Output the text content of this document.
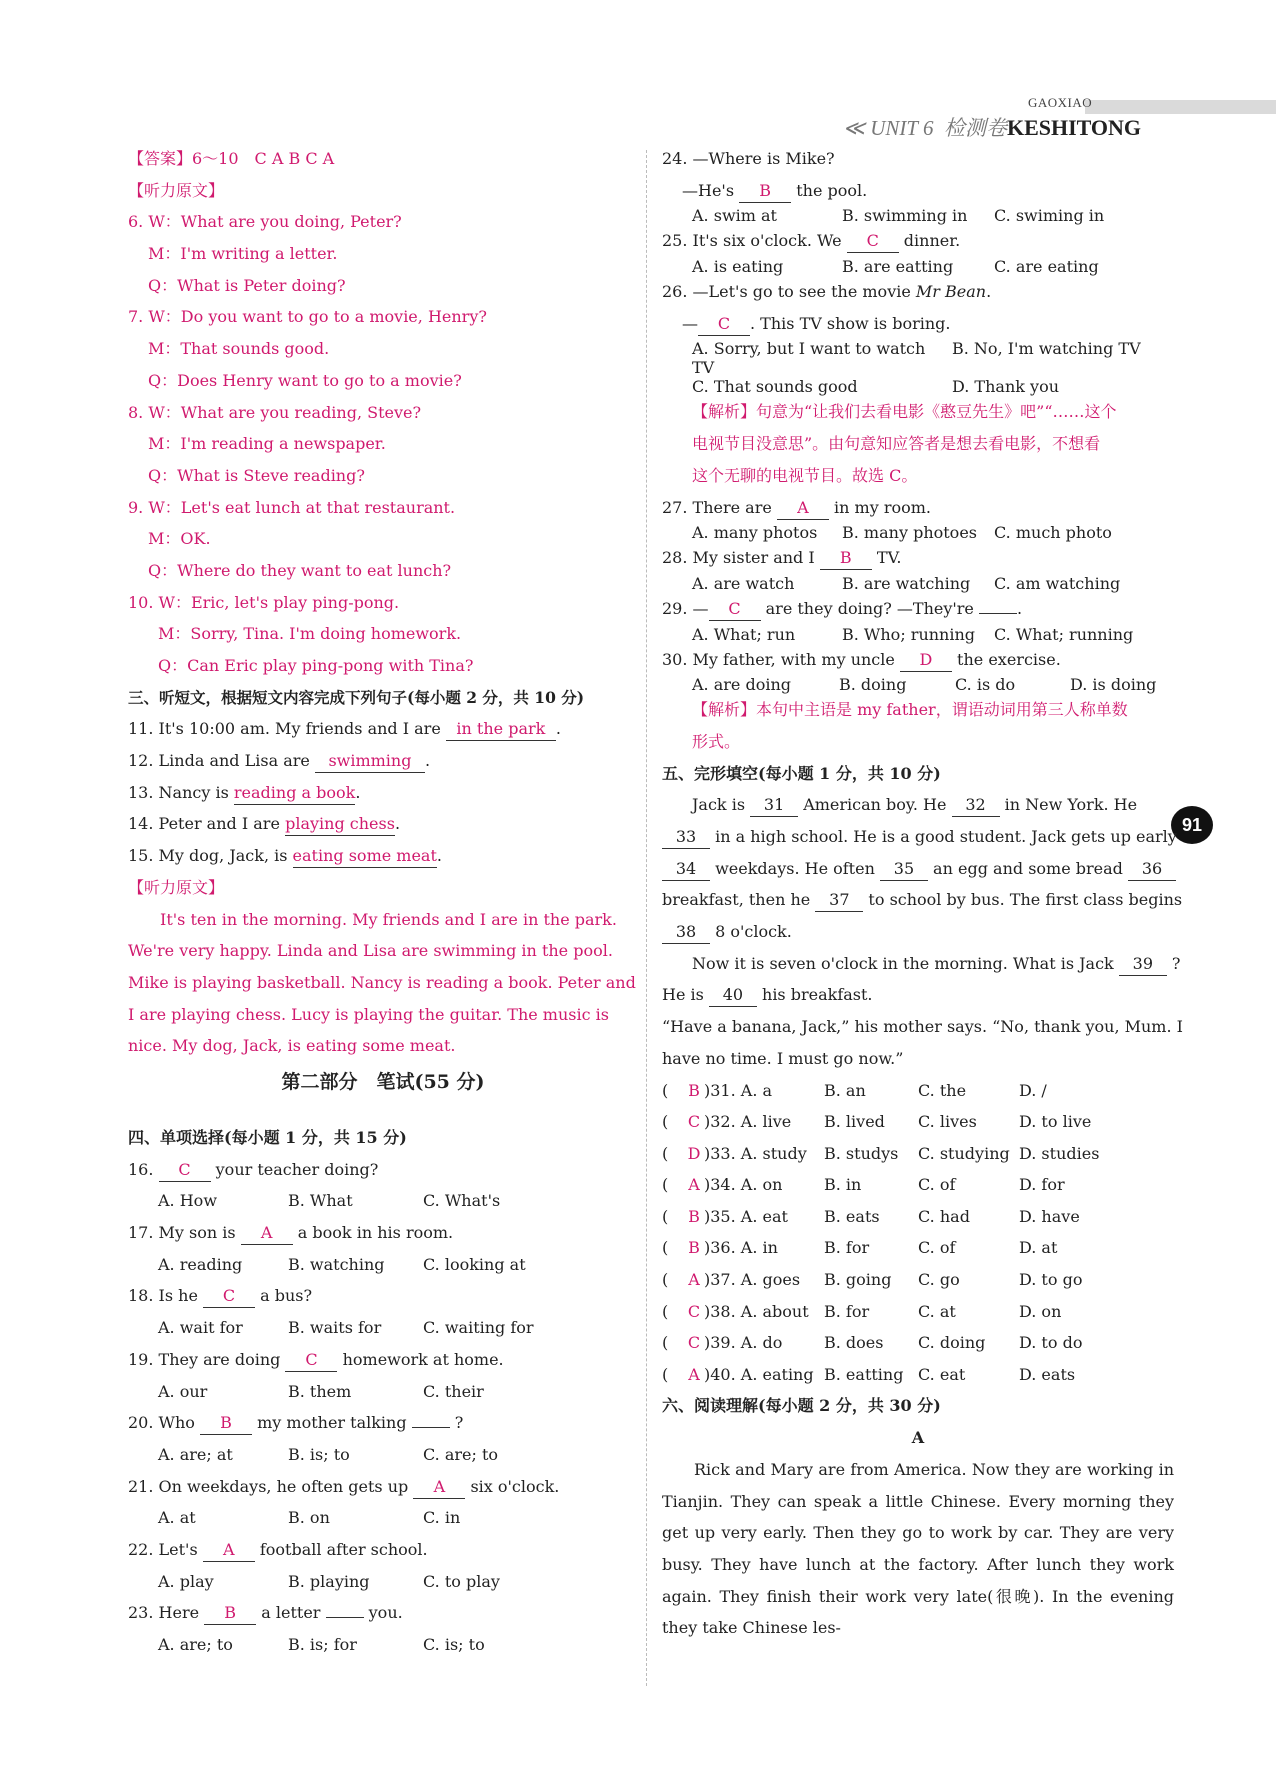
GAOXIAO
≪ UNIT 6 检测卷KESHITONG
91
【答案】6～10　C A B C A
【听力原文】
6. W：What are you doing, Peter?
M：I'm writing a letter.
Q：What is Peter doing?
7. W：Do you want to go to a movie, Henry?
M：That sounds good.
Q：Does Henry want to go to a movie?
8. W：What are you reading, Steve?
M：I'm reading a newspaper.
Q：What is Steve reading?
9. W：Let's eat lunch at that restaurant.
M：OK.
Q：Where do they want to eat lunch?
10. W：Eric, let's play ping-pong.
M：Sorry, Tina. I'm doing homework.
Q：Can Eric play ping-pong with Tina?
三、听短文，根据短文内容完成下列句子(每小题 2 分，共 10 分)
11. It's 10:00 am. My friends and I are in the park .
12. Linda and Lisa are swimming .
13. Nancy is reading a book.
14. Peter and I are playing chess.
15. My dog, Jack, is eating some meat.
【听力原文】
It's ten in the morning. My friends and I are in the park. We're very happy. Linda and Lisa are swimming in the pool. Mike is playing basketball. Nancy is reading a book. Peter and I are playing chess. Lucy is playing the guitar. The music is nice. My dog, Jack, is eating some meat.
第二部分　笔试(55 分)
四、单项选择(每小题 1 分，共 15 分)
16. C your teacher doing?
A. How	B. What	C. What's
17. My son is A a book in his room.
A. reading	B. watching	C. looking at
18. Is he C a bus?
A. wait for	B. waits for	C. waiting for
19. They are doing C homework at home.
A. our	B. them	C. their
20. Who B my mother talking	?
A. are; at	B. is; to	C. are; to
21. On weekdays, he often gets up A six o'clock.
A. at	B. on	C. in
22. Let's A football after school.
A. play	B. playing	C. to play
23. Here B a letter	you.
A. are; to	B. is; for	C. is; to
24. —Where is Mike?
—He's B the pool.
A. swim at	B. swimming in	C. swiming in
25. It's six o'clock. We C dinner.
A. is eating	B. are eatting	C. are eating
26. —Let's go to see the movie Mr Bean.
— C . This TV show is boring.
A. Sorry, but I want to watch TV
B. No, I'm watching TV
C. That sounds good	D. Thank you
【解析】句意为“让我们去看电影《憨豆先生》吧”“……这个
电视节目没意思”。由句意知应答者是想去看电影，不想看
这个无聊的电视节目。故选 C。
27. There are A in my room.
A. many photos	B. many photoes	C. much photo
28. My sister and I B TV.
A. are watch	B. are watching	C. am watching
29. — C are they doing? —They're	.
A. What; run	B. Who; running	C. What; running
30. My father, with my uncle D the exercise.
A. are doing	B. doing	C. is do	D. is doing
【解析】本句中主语是 my father，谓语动词用第三人称单数
形式。
五、完形填空(每小题 1 分，共 10 分)
Jack is 31 American boy. He 32 in New York. He
33 in a high school. He is a good student. Jack gets up early
34 weekdays. He often 35 an egg and some bread 36
breakfast, then he 37 to school by bus. The first class begins
38 8 o'clock.
Now it is seven o'clock in the morning. What is Jack 39 ?
He is 40 his breakfast.
“Have a banana, Jack,” his mother says. “No, thank you, Mum. I
have no time. I must go now.”
(	B )31. A. a	B. an	C. the	D. /
(	C )32. A. live	B. lived	C. lives	D. to live
(	D )33. A. study	B. studys	C. studying D. studies
(	A )34. A. on	B. in	C. of	D. for
(	B )35. A. eat	B. eats	C. had	D. have
(	B )36. A. in	B. for	C. of	D. at
(	A )37. A. goes	B. going	C. go	D. to go
(	C )38. A. about B. for	C. at	D. on
(	C )39. A. do	B. does	C. doing	D. to do
(	A )40. A. eating B. eatting C. eat	D. eats
六、阅读理解(每小题 2 分，共 30 分)
A
Rick and Mary are from America. Now they are working in Tianjin. They can speak a little Chinese. Every morning they get up very early. Then they go to work by car. They are very busy. They have lunch at the factory. After lunch they work again. They finish their work very late(很晚). In the evening they take Chinese les-
